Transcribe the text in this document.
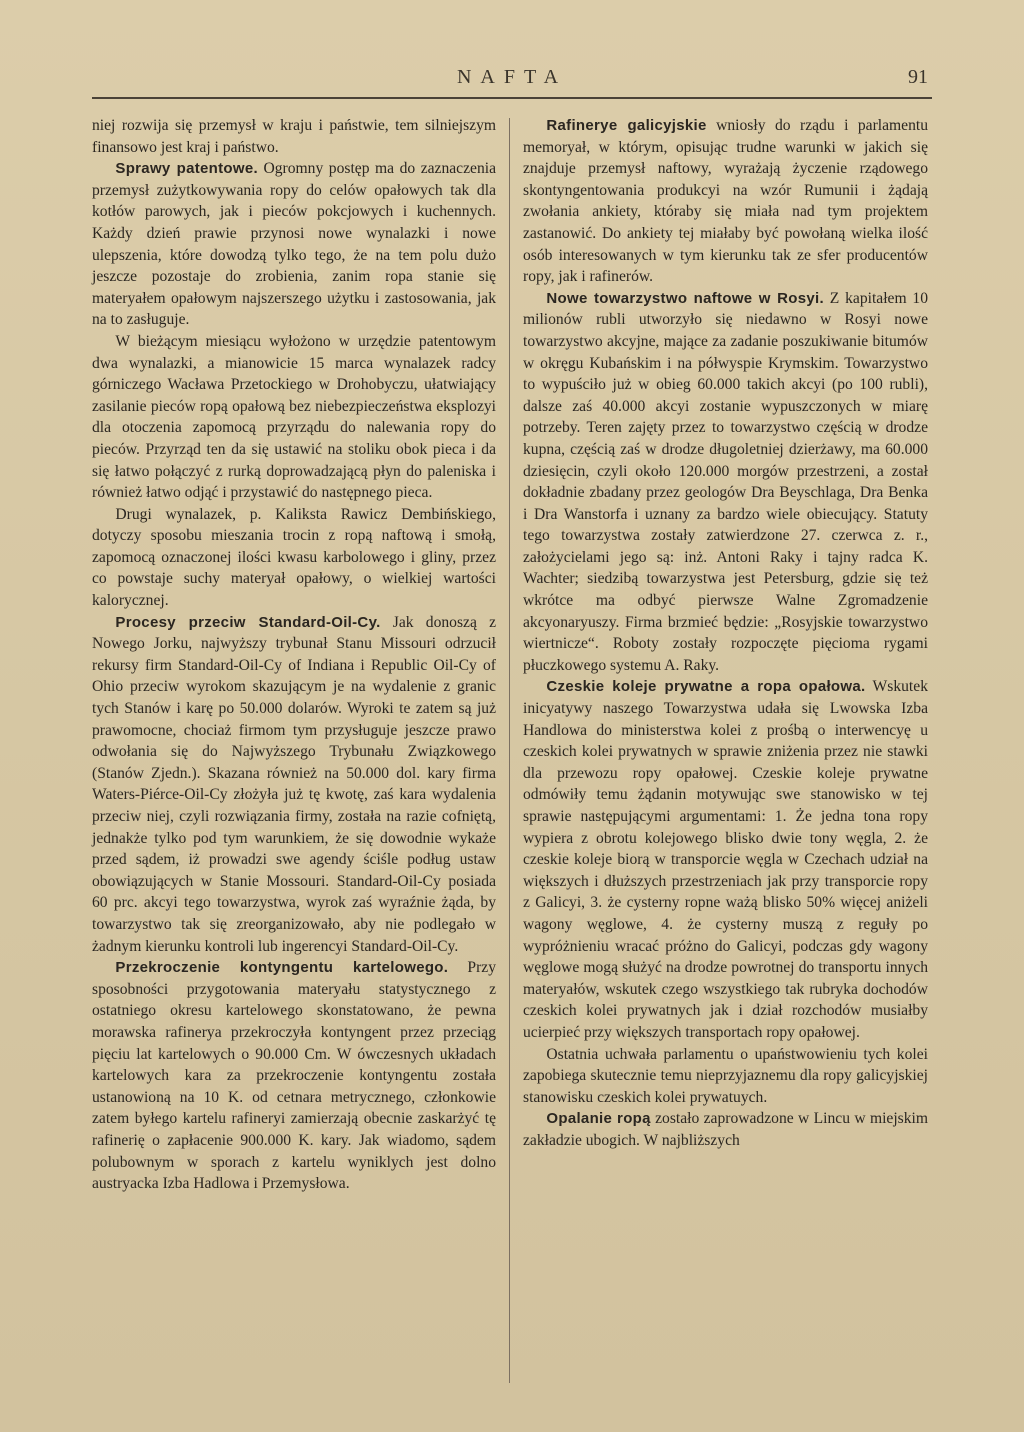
NAFTA	91

niej rozwija się przemysł w kraju i państwie, tem silniejszym finansowo jest kraj i państwo.

Sprawy patentowe. Ogromny postęp ma do zaznaczenia przemysł zużytkowywania ropy do celów opałowych tak dla kotłów parowych, jak i pieców pokcjowych i kuchennych. Każdy dzień prawie przynosi nowe wynalazki i nowe ulepszenia, które dowodzą tylko tego, że na tem polu dużo jeszcze pozostaje do zrobienia, zanim ropa stanie się materyałem opałowym najszerszego użytku i zastosowania, jak na to zasługuje.

W bieżącym miesiącu wyłożono w urzędzie patentowym dwa wynalazki, a mianowicie 15 marca wynalazek radcy górniczego Wacława Przetockiego w Drohobyczu, ułatwiający zasilanie pieców ropą opałową bez niebezpieczeństwa eksplozyi dla otoczenia zapomocą przyrządu do nalewania ropy do pieców. Przyrząd ten da się ustawić na stoliku obok pieca i da się łatwo połączyć z rurką doprowadzającą płyn do paleniska i również łatwo odjąć i przystawić do następnego pieca.

Drugi wynalazek, p. Kaliksta Rawicz Dembińskiego, dotyczy sposobu mieszania trocin z ropą naftową i smołą, zapomocą oznaczonej ilości kwasu karbolowego i gliny, przez co powstaje suchy materyał opałowy, o wielkiej wartości kalorycznej.

Procesy przeciw Standard-Oil-Cy. Jak donoszą z Nowego Jorku, najwyższy trybunał Stanu Missouri odrzucił rekursy firm Standard-Oil-Cy of Indiana i Republic Oil-Cy of Ohio przeciw wyrokom skazującym je na wydalenie z granic tych Stanów i karę po 50.000 dolarów. Wyroki te zatem są już prawomocne, chociaż firmom tym przysługuje jeszcze prawo odwołania się do Najwyższego Trybunału Związkowego (Stanów Zjedn.). Skazana również na 50.000 dol. kary firma Waters-Piérce-Oil-Cy złożyła już tę kwotę, zaś kara wydalenia przeciw niej, czyli rozwiązania firmy, została na razie cofniętą, jednakże tylko pod tym warunkiem, że się dowodnie wykaże przed sądem, iż prowadzi swe agendy ściśle podług ustaw obowiązujących w Stanie Mossouri. Standard-Oil-Cy posiada 60 prc. akcyi tego towarzystwa, wyrok zaś wyraźnie żąda, by towarzystwo tak się zreorganizowało, aby nie podlegało w żadnym kierunku kontroli lub ingerencyi Standard-Oil-Cy.

Przekroczenie kontyngentu kartelowego. Przy sposobności przygotowania materyału statystycznego z ostatniego okresu kartelowego skonstatowano, że pewna morawska rafinerya przekroczyła kontyngent przez przeciąg pięciu lat kartelowych o 90.000 Cm. W ówczesnych układach kartelowych kara za przekroczenie kontyngentu została ustanowioną na 10 K. od cetnara metrycznego, członkowie zatem byłego kartelu rafineryi zamierzają obecnie zaskarżyć tę rafinerię o zapłacenie 900.000 K. kary. Jak wiadomo, sądem polubownym w sporach z kartelu wyniklych jest dolno austryacka Izba Hadlowa i Przemysłowa.

Rafinerye galicyjskie wniosły do rządu i parlamentu memoryał, w którym, opisując trudne warunki w jakich się znajduje przemysł naftowy, wyrażają życzenie rządowego skontyngentowania produkcyi na wzór Rumunii i żądają zwołania ankiety, któraby się miała nad tym projektem zastanowić. Do ankiety tej miałaby być powołaną wielka ilość osób interesowanych w tym kierunku tak ze sfer producentów ropy, jak i rafinerów.

Nowe towarzystwo naftowe w Rosyi. Z kapitałem 10 milionów rubli utworzyło się niedawno w Rosyi nowe towarzystwo akcyjne, mające za zadanie poszukiwanie bitumów w okręgu Kubańskim i na półwyspie Krymskim. Towarzystwo to wypuściło już w obieg 60.000 takich akcyi (po 100 rubli), dalsze zaś 40.000 akcyi zostanie wypuszczonych w miarę potrzeby. Teren zajęty przez to towarzystwo częścią w drodze kupna, częścią zaś w drodze długoletniej dzierżawy, ma 60.000 dziesięcin, czyli około 120.000 morgów przestrzeni, a został dokładnie zbadany przez geologów Dra Beyschlaga, Dra Benka i Dra Wanstorfa i uznany za bardzo wiele obiecujący. Statuty tego towarzystwa zostały zatwierdzone 27. czerwca z. r., założycielami jego są: inż. Antoni Raky i tajny radca K. Wachter; siedzibą towarzystwa jest Petersburg, gdzie się też wkrótce ma odbyć pierwsze Walne Zgromadzenie akcyonaryuszy. Firma brzmieć będzie: „Rosyjskie towarzystwo wiertnicze“. Roboty zostały rozpoczęte pięcioma rygami płuczkowego systemu A. Raky.

Czeskie koleje prywatne a ropa opałowa. Wskutek inicyatywy naszego Towarzystwa udała się Lwowska Izba Handlowa do ministerstwa kolei z prośbą o interwencyę u czeskich kolei prywatnych w sprawie zniżenia przez nie stawki dla przewozu ropy opałowej. Czeskie koleje prywatne odmówiły temu żądanin motywując swe stanowisko w tej sprawie następującymi argumentami: 1. Że jedna tona ropy wypiera z obrotu kolejowego blisko dwie tony węgla, 2. że czeskie koleje biorą w transporcie węgla w Czechach udział na większych i dłuższych przestrzeniach jak przy transporcie ropy z Galicyi, 3. że cysterny ropne ważą blisko 50% więcej aniżeli wagony węglowe, 4. że cysterny muszą z reguły po wypróżnieniu wracać próżno do Galicyi, podczas gdy wagony węglowe mogą służyć na drodze powrotnej do transportu innych materyałów, wskutek czego wszystkiego tak rubryka dochodów czeskich kolei prywatnych jak i dział rozchodów musiałby ucierpieć przy większych transportach ropy opałowej.

Ostatnia uchwała parlamentu o upaństwowieniu tych kolei zapobiega skutecznie temu nieprzyjaznemu dla ropy galicyjskiej stanowisku czeskich kolei prywatuych.

Opalanie ropą zostało zaprowadzone w Lincu w miejskim zakładzie ubogich. W najbliższych
